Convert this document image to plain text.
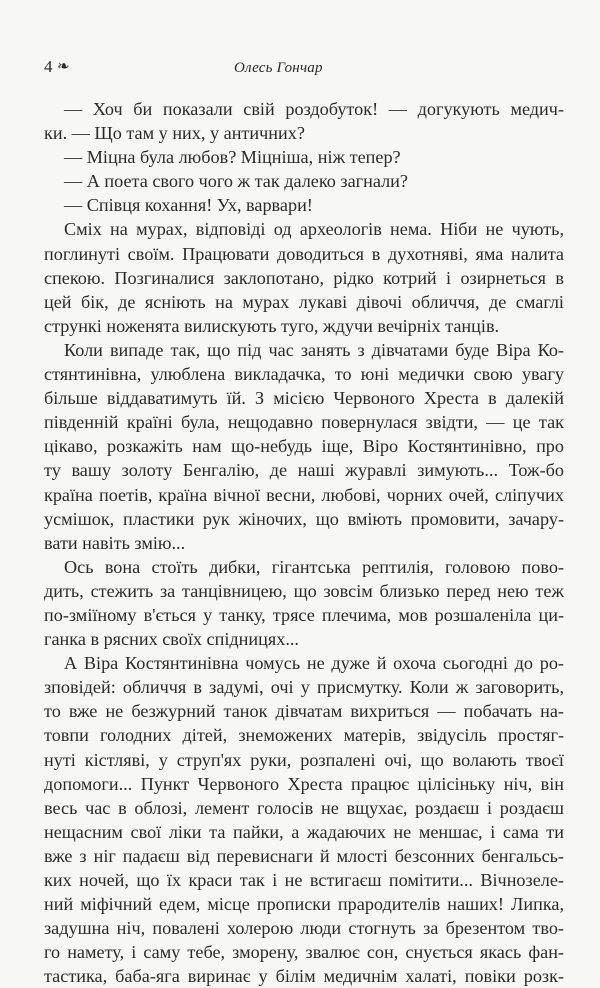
4 ❧	Олесь Гончар
— Хоч би показали свій роздобуток! — догукують медич-
ки. — Що там у них, у античних?
— Міцна була любов? Міцніша, ніж тепер?
— А поета свого чого ж так далеко загнали?
— Співця кохання! Ух, варвари!
Сміх на мурах, відповіді од археологів нема. Ніби не чують,
поглинуті своїм. Працювати доводиться в духотняві, яма налита
спекою. Позгиналися заклопотано, рідко котрий і озирнеться в
цей бік, де ясніють на мурах лукаві дівочі обличчя, де смаглі
стрункі ноженята вилискують туго, ждучи вечірніх танців.
Коли випаде так, що під час занять з дівчатами буде Віра Ко-
стянтинівна, улюблена викладачка, то юні медички свою увагу
більше віддаватимуть їй. З місією Червоного Хреста в далекій
південній країні була, нещодавно повернулася звідти, — це так
цікаво, розкажіть нам що-небудь іще, Віро Костянтинівно, про
ту вашу золоту Бенгалію, де наші журавлі зимують... Тож-бо
країна поетів, країна вічної весни, любові, чорних очей, сліпучих
усмішок, пластики рук жіночих, що вміють промовити, зачару-
вати навіть змію...
Ось вона стоїть дибки, гігантська рептилія, головою пово-
дить, стежить за танцівницею, що зовсім близько перед нею теж
по-зміїному в'ється у танку, трясе плечима, мов розшаленіла ци-
ганка в рясних своїх спідницях...
А Віра Костянтинівна чомусь не дуже й охоча сьогодні до ро-
зповідей: обличчя в задумі, очі у присмутку. Коли ж заговорить,
то вже не безжурний танок дівчатам вихриться — побачать на-
товпи голодних дітей, знеможених матерів, звідусіль простяг-
нуті кістляві, у струп'ях руки, розпалені очі, що волають твоєї
допомоги... Пункт Червоного Хреста працює цілісіньку ніч, він
весь час в облозі, лемент голосів не вщухає, роздаєш і роздаєш
нещасним свої ліки та пайки, а жадаючих не меншає, і сама ти
вже з ніг падаєш від перевиснаги й млості безсонних бенгальсь-
ких ночей, що їх краси так і не встигаєш помітити... Вічнозеле-
ний міфічний едем, місце прописки прародителів наших! Липка,
задушна ніч, повалені холерою люди стогнуть за брезентом тво-
го намету, і саму тебе, зморену, звалює сон, снується якась фан-
тастика, баба-яга виринає у білім медичнім халаті, повіки розк-
